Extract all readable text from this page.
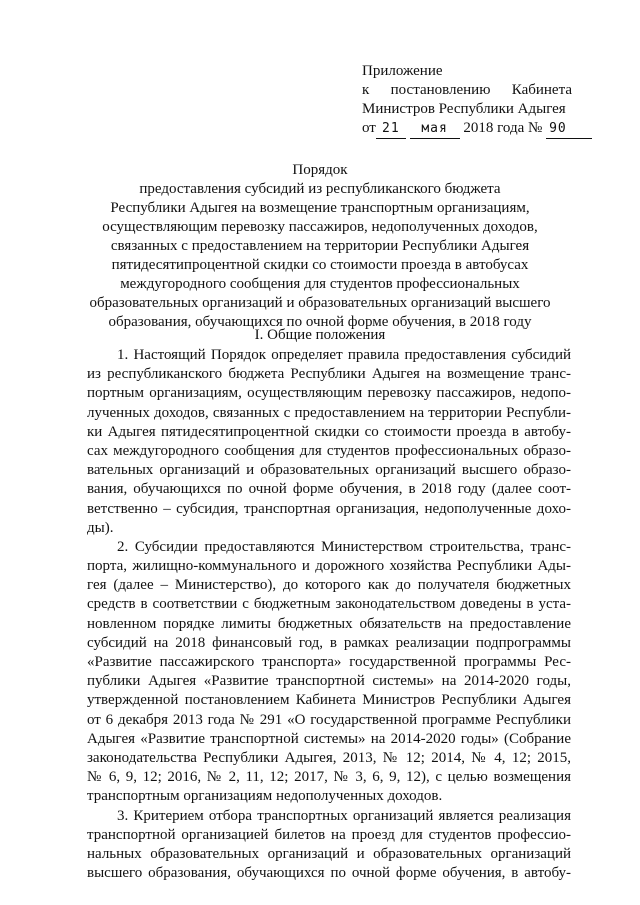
Приложение
к постановлению Кабинета
Министров Республики Адыгея
от 21 мая 2018 года № 90
Порядок
предоставления субсидий из республиканского бюджета
Республики Адыгея на возмещение транспортным организациям,
осуществляющим перевозку пассажиров, недополученных доходов,
связанных с предоставлением на территории Республики Адыгея
пятидесятипроцентной скидки со стоимости проезда в автобусах
междугородного сообщения для студентов профессиональных
образовательных организаций и образовательных организаций высшего
образования, обучающихся по очной форме обучения, в 2018 году
I. Общие положения
1. Настоящий Порядок определяет правила предоставления субсидий
из республиканского бюджета Республики Адыгея на возмещение транс-
портным организациям, осуществляющим перевозку пассажиров, недопо-
лученных доходов, связанных с предоставлением на территории Республи-
ки Адыгея пятидесятипроцентной скидки со стоимости проезда в автобу-
сах междугородного сообщения для студентов профессиональных образо-
вательных организаций и образовательных организаций высшего образо-
вания, обучающихся по очной форме обучения, в 2018 году (далее соот-
ветственно – субсидия, транспортная организация, недополученные дохо-
ды).
2. Субсидии предоставляются Министерством строительства, транс-
порта, жилищно-коммунального и дорожного хозяйства Республики Ады-
гея (далее – Министерство), до которого как до получателя бюджетных
средств в соответствии с бюджетным законодательством доведены в уста-
новленном порядке лимиты бюджетных обязательств на предоставление
субсидий на 2018 финансовый год, в рамках реализации подпрограммы
«Развитие пассажирского транспорта» государственной программы Рес-
публики Адыгея «Развитие транспортной системы» на 2014-2020 годы,
утвержденной постановлением Кабинета Министров Республики Адыгея
от 6 декабря 2013 года № 291 «О государственной программе Республики
Адыгея «Развитие транспортной системы» на 2014-2020 годы» (Собрание
законодательства Республики Адыгея, 2013, № 12; 2014, № 4, 12; 2015,
№ 6, 9, 12; 2016, № 2, 11, 12; 2017, № 3, 6, 9, 12), с целью возмещения
транспортным организациям недополученных доходов.
3. Критерием отбора транспортных организаций является реализация
транспортной организацией билетов на проезд для студентов профессио-
нальных образовательных организаций и образовательных организаций
высшего образования, обучающихся по очной форме обучения, в автобу-
